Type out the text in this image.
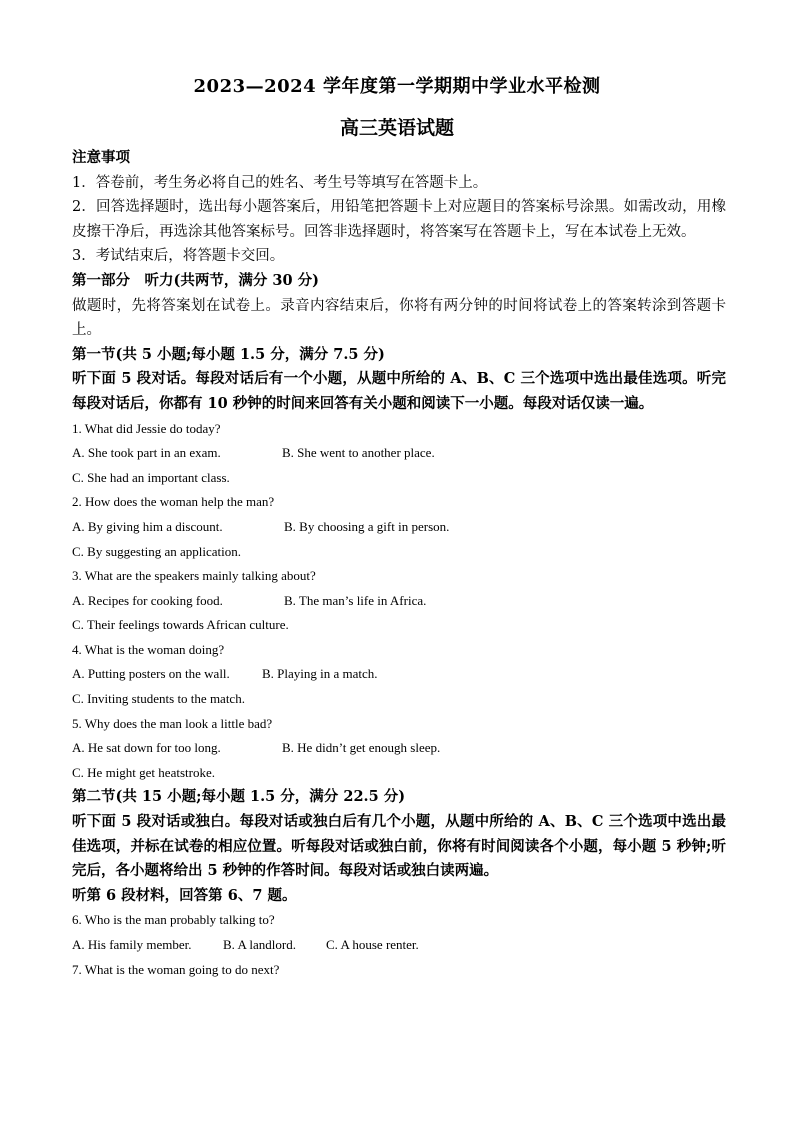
2023—2024 学年度第一学期期中学业水平检测
高三英语试题

注意事项

1．答卷前，考生务必将自己的姓名、考生号等填写在答题卡上。

2．回答选择题时，选出每小题答案后，用铅笔把答题卡上对应题目的答案标号涂黑。如需改动，用橡皮擦干净后，再选涂其他答案标号。回答非选择题时，将答案写在答题卡上，写在本试卷上无效。

3．考试结束后，将答题卡交回。

第一部分　听力(共两节，满分 30 分)

做题时，先将答案划在试卷上。录音内容结束后，你将有两分钟的时间将试卷上的答案转涂到答题卡上。

第一节(共 5 小题;每小题 1.5 分，满分 7.5 分)

听下面 5 段对话。每段对话后有一个小题，从题中所给的 A、B、C 三个选项中选出最佳选项。听完每段对话后，你都有 10 秒钟的时间来回答有关小题和阅读下一小题。每段对话仅读一遍。

1. What did Jessie do today?

A. She took part in an exam.	B. She went to another place.

C. She had an important class.

2. How does the woman help the man?

A. By giving him a discount.	B. By choosing a gift in person.

C. By suggesting an application.

3. What are the speakers mainly talking about?

A. Recipes for cooking food.	B. The man’s life in Africa.

C. Their feelings towards African culture.

4. What is the woman doing?

A. Putting posters on the wall. B. Playing in a match.

C. Inviting students to the match.

5. Why does the man look a little bad?

A. He sat down for too long.	B. He didn’t get enough sleep.

C. He might get heatstroke.

第二节(共 15 小题;每小题 1.5 分，满分 22.5 分)

听下面 5 段对话或独白。每段对话或独白后有几个小题，从题中所给的 A、B、C 三个选项中选出最佳选项，并标在试卷的相应位置。听每段对话或独白前，你将有时间阅读各个小题，每小题 5 秒钟;听完后，各小题将给出 5 秒钟的作答时间。每段对话或独白读两遍。

听第 6 段材料，回答第 6、7 题。

6. Who is the man probably talking to?

A. His family member. B. A landlord. C. A house renter.

7. What is the woman going to do next?
